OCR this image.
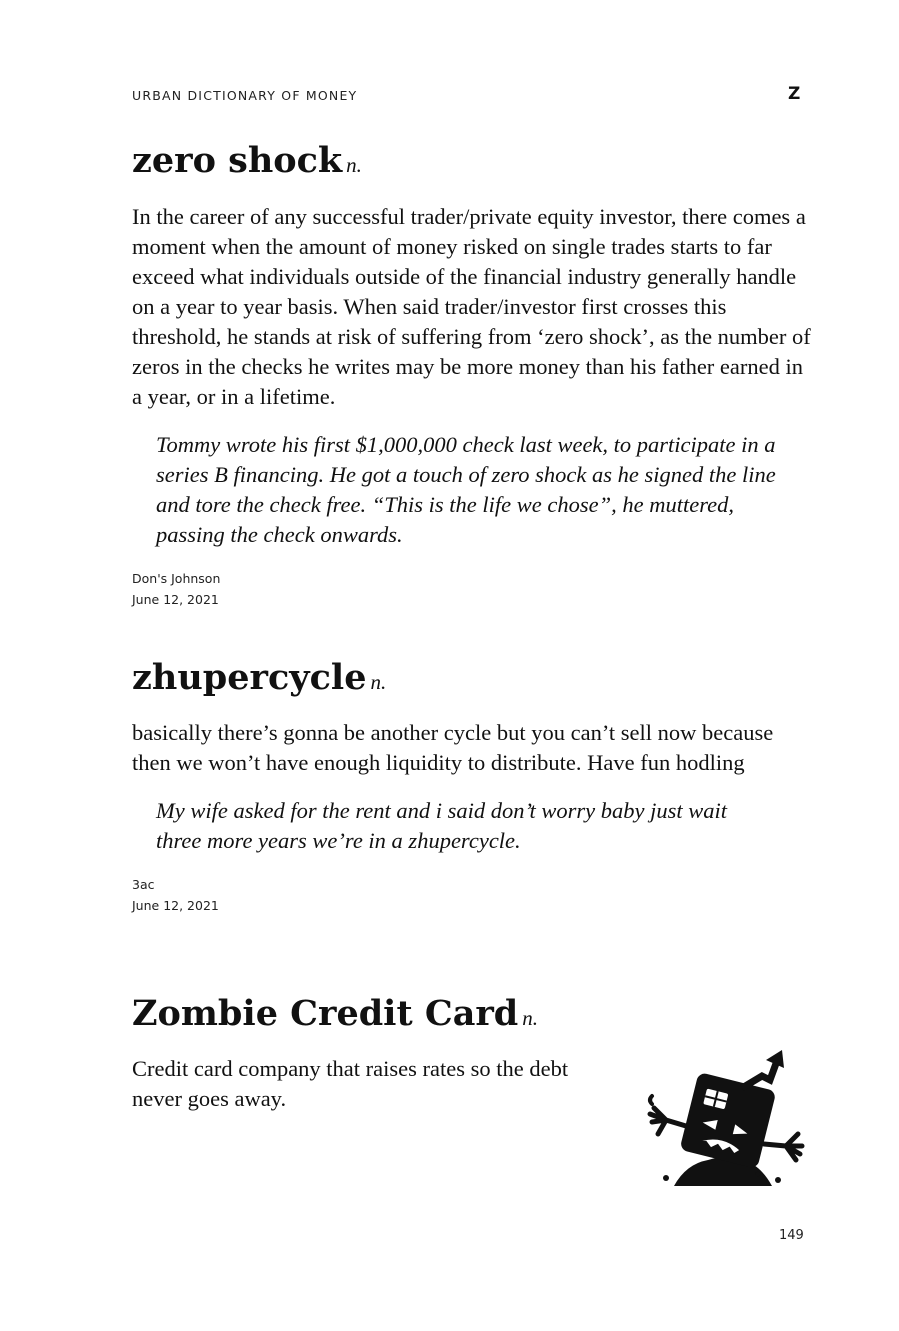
URBAN DICTIONARY OF MONEY	Z
zero shock n.

In the career of any successful trader/private equity investor, there comes a moment when the amount of money risked on single trades starts to far exceed what individuals outside of the financial industry generally handle on a year to year basis. When said trader/investor first crosses this threshold, he stands at risk of suffering from ‘zero shock’, as the number of zeros in the checks he writes may be more money than his father earned in a year, or in a lifetime.

Tommy wrote his first $1,000,000 check last week, to participate in a series B financing. He got a touch of zero shock as he signed the line and tore the check free. “This is the life we chose”, he muttered, passing the check onwards.

Don's Johnson
June 12, 2021
zhupercycle n.

basically there’s gonna be another cycle but you can’t sell now because then we won’t have enough liquidity to distribute. Have fun hodling

My wife asked for the rent and i said don’t worry baby just wait three more years we’re in a zhupercycle.

3ac
June 12, 2021
Zombie Credit Card n.

Credit card company that raises rates so the debt never goes away.

149
